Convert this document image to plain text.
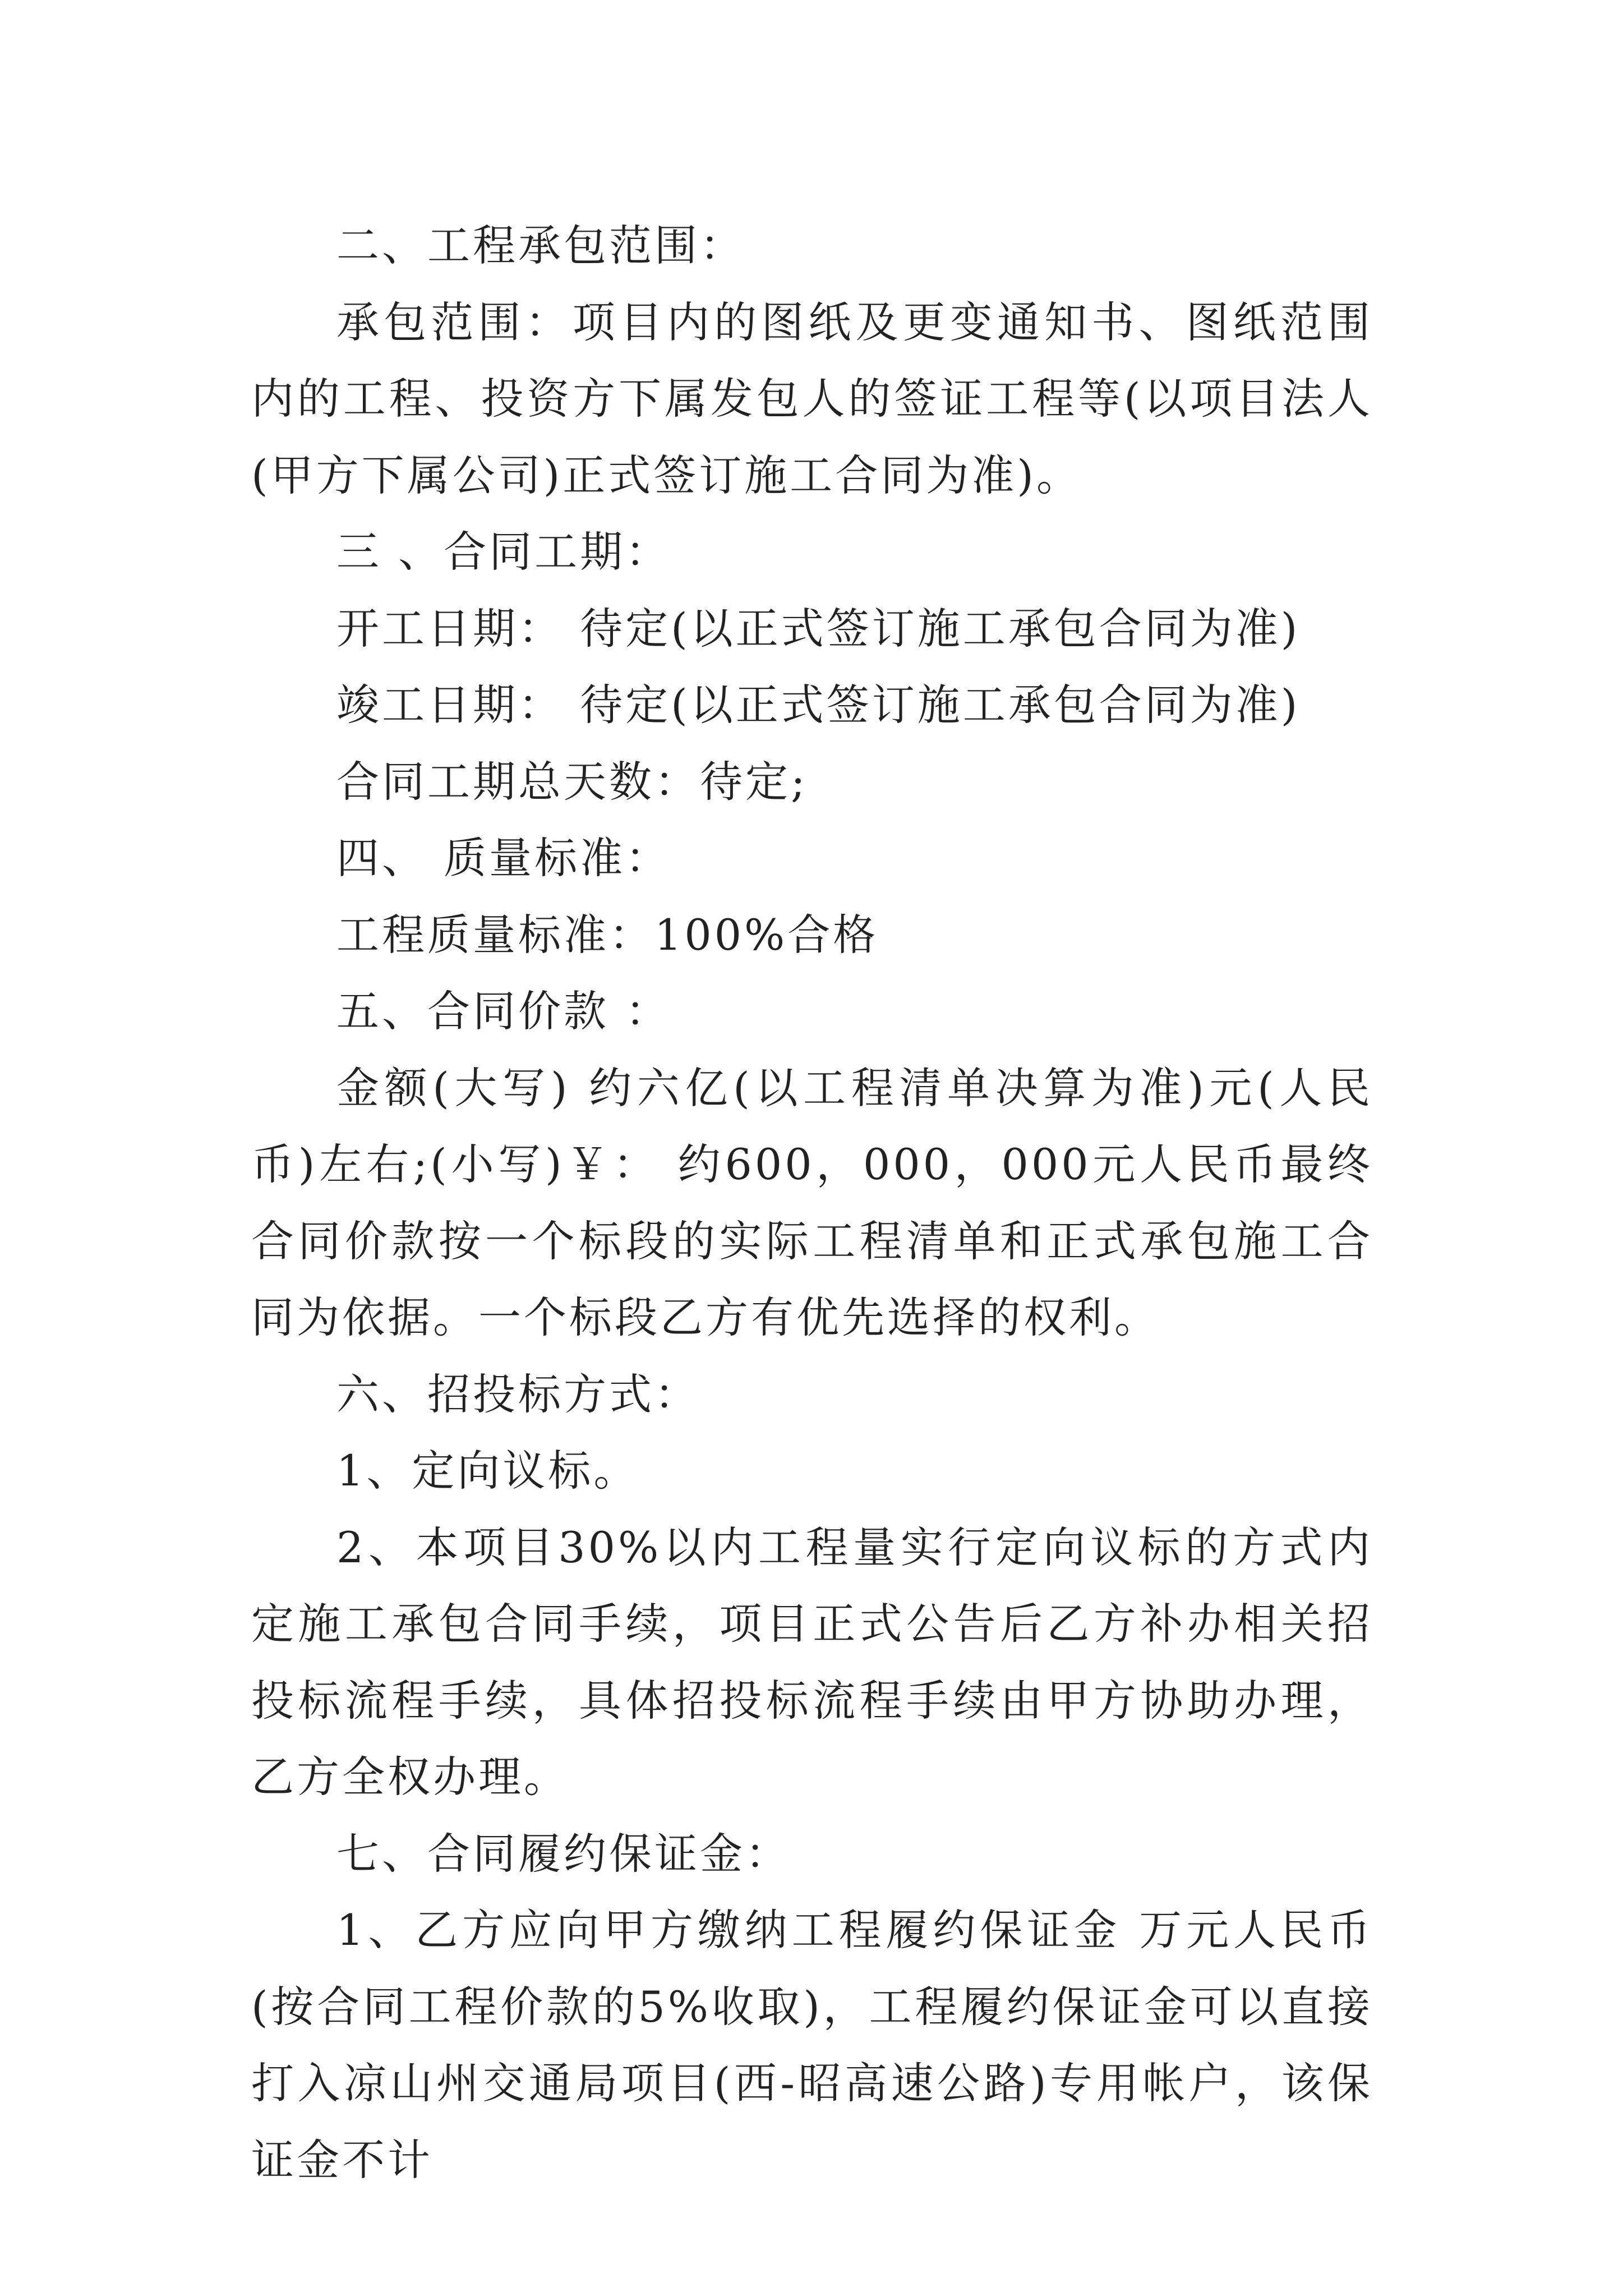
二、工程承包范围：

承包范围：项目内的图纸及更变通知书、图纸范围内的工程、投资方下属发包人的签证工程等(以项目法人(甲方下属公司)正式签订施工合同为准)。

三 、合同工期：

开工日期： 待定(以正式签订施工承包合同为准)

竣工日期： 待定(以正式签订施工承包合同为准)

合同工期总天数：待定;

四、 质量标准：

工程质量标准：100%合格

五、合同价款 ：

金额(大写) 约六亿(以工程清单决算为准)元(人民币)左右;(小写)￥： 约600，000，000元人民币最终合同价款按一个标段的实际工程清单和正式承包施工合同为依据。一个标段乙方有优先选择的权利。

六、招投标方式：

1、定向议标。

2、本项目30%以内工程量实行定向议标的方式内定施工承包合同手续，项目正式公告后乙方补办相关招投标流程手续，具体招投标流程手续由甲方协助办理，乙方全权办理。

七、合同履约保证金：

1、乙方应向甲方缴纳工程履约保证金 万元人民币(按合同工程价款的5%收取)，工程履约保证金可以直接打入凉山州交通局项目(西-昭高速公路)专用帐户，该保证金不计
